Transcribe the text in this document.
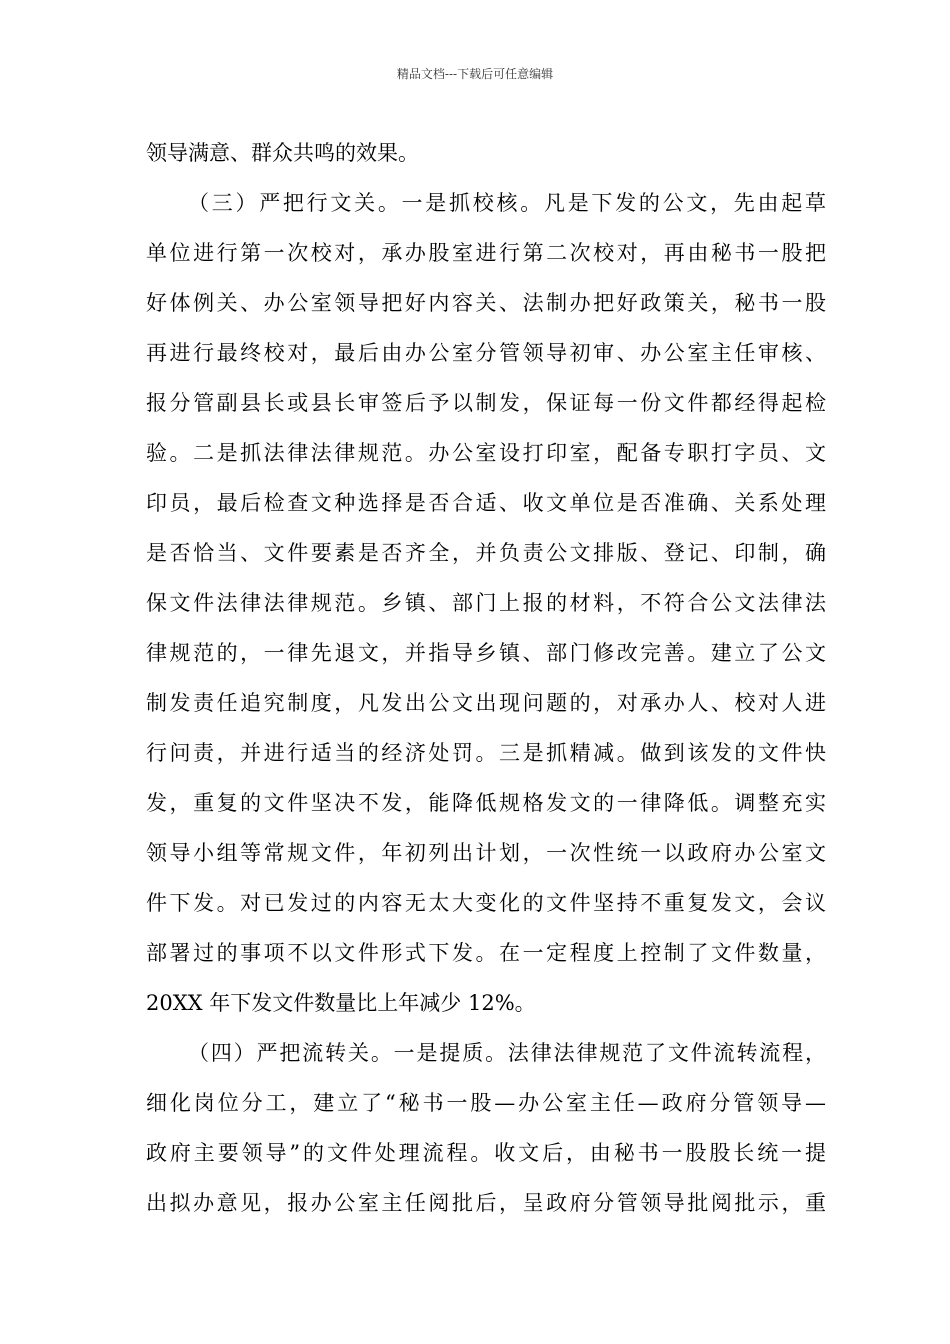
精品文档---下载后可任意编辑
领导满意、群众共鸣的效果。
（三）严把行文关。一是抓校核。凡是下发的公文，先由起草
单位进行第一次校对，承办股室进行第二次校对，再由秘书一股把
好体例关、办公室领导把好内容关、法制办把好政策关，秘书一股
再进行最终校对，最后由办公室分管领导初审、办公室主任审核、
报分管副县长或县长审签后予以制发，保证每一份文件都经得起检
验。二是抓法律法律规范。办公室设打印室，配备专职打字员、文
印员，最后检查文种选择是否合适、收文单位是否准确、关系处理
是否恰当、文件要素是否齐全，并负责公文排版、登记、印制，确
保文件法律法律规范。乡镇、部门上报的材料，不符合公文法律法
律规范的，一律先退文，并指导乡镇、部门修改完善。建立了公文
制发责任追究制度，凡发出公文出现问题的，对承办人、校对人进
行问责，并进行适当的经济处罚。三是抓精减。做到该发的文件快
发，重复的文件坚决不发，能降低规格发文的一律降低。调整充实
领导小组等常规文件，年初列出计划，一次性统一以政府办公室文
件下发。对已发过的内容无太大变化的文件坚持不重复发文，会议
部署过的事项不以文件形式下发。在一定程度上控制了文件数量，
20XX 年下发文件数量比上年减少 12%。
（四）严把流转关。一是提质。法律法律规范了文件流转流程，
细化岗位分工，建立了“秘书一股—办公室主任—政府分管领导—
政府主要领导”的文件处理流程。收文后，由秘书一股股长统一提
出拟办意见，报办公室主任阅批后，呈政府分管领导批阅批示，重
